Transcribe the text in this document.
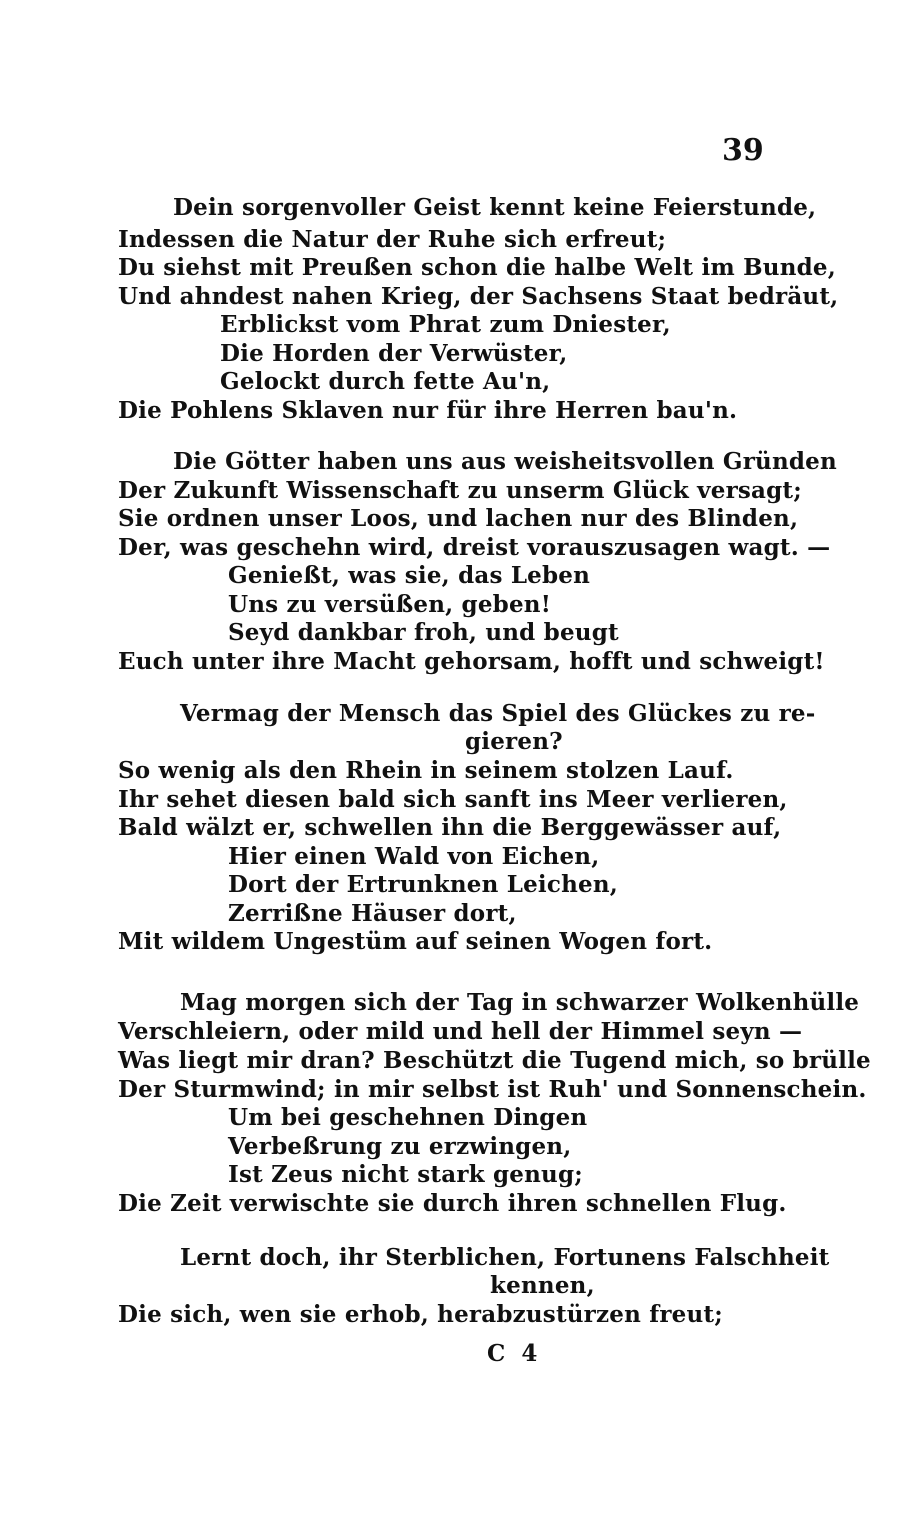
39
Dein sorgenvoller Geist kennt keine Feierstunde,
Indessen die Natur der Ruhe sich erfreut;
Du siehst mit Preußen schon die halbe Welt im Bunde,
Und ahndest nahen Krieg, der Sachsens Staat bedräut,
Erblickst vom Phrat zum Dniester,
Die Horden der Verwüster,
Gelockt durch fette Au'n,
Die Pohlens Sklaven nur für ihre Herren bau'n.
Die Götter haben uns aus weisheitsvollen Gründen
Der Zukunft Wissenschaft zu unserm Glück versagt;
Sie ordnen unser Loos, und lachen nur des Blinden,
Der, was geschehn wird, dreist vorauszusagen wagt. —
Genießt, was sie, das Leben
Uns zu versüßen, geben!
Seyd dankbar froh, und beugt
Euch unter ihre Macht gehorsam, hofft und schweigt!
Vermag der Mensch das Spiel des Glückes zu re-
gieren?
So wenig als den Rhein in seinem stolzen Lauf.
Ihr sehet diesen bald sich sanft ins Meer verlieren,
Bald wälzt er, schwellen ihn die Berggewässer auf,
Hier einen Wald von Eichen,
Dort der Ertrunknen Leichen,
Zerrißne Häuser dort,
Mit wildem Ungestüm auf seinen Wogen fort.
Mag morgen sich der Tag in schwarzer Wolkenhülle
Verschleiern, oder mild und hell der Himmel seyn —
Was liegt mir dran? Beschützt die Tugend mich, so brülle
Der Sturmwind; in mir selbst ist Ruh' und Sonnenschein.
Um bei geschehnen Dingen
Verbeßrung zu erzwingen,
Ist Zeus nicht stark genug;
Die Zeit verwischte sie durch ihren schnellen Flug.
Lernt doch, ihr Sterblichen, Fortunens Falschheit
kennen,
Die sich, wen sie erhob, herabzustürzen freut;
C 4
